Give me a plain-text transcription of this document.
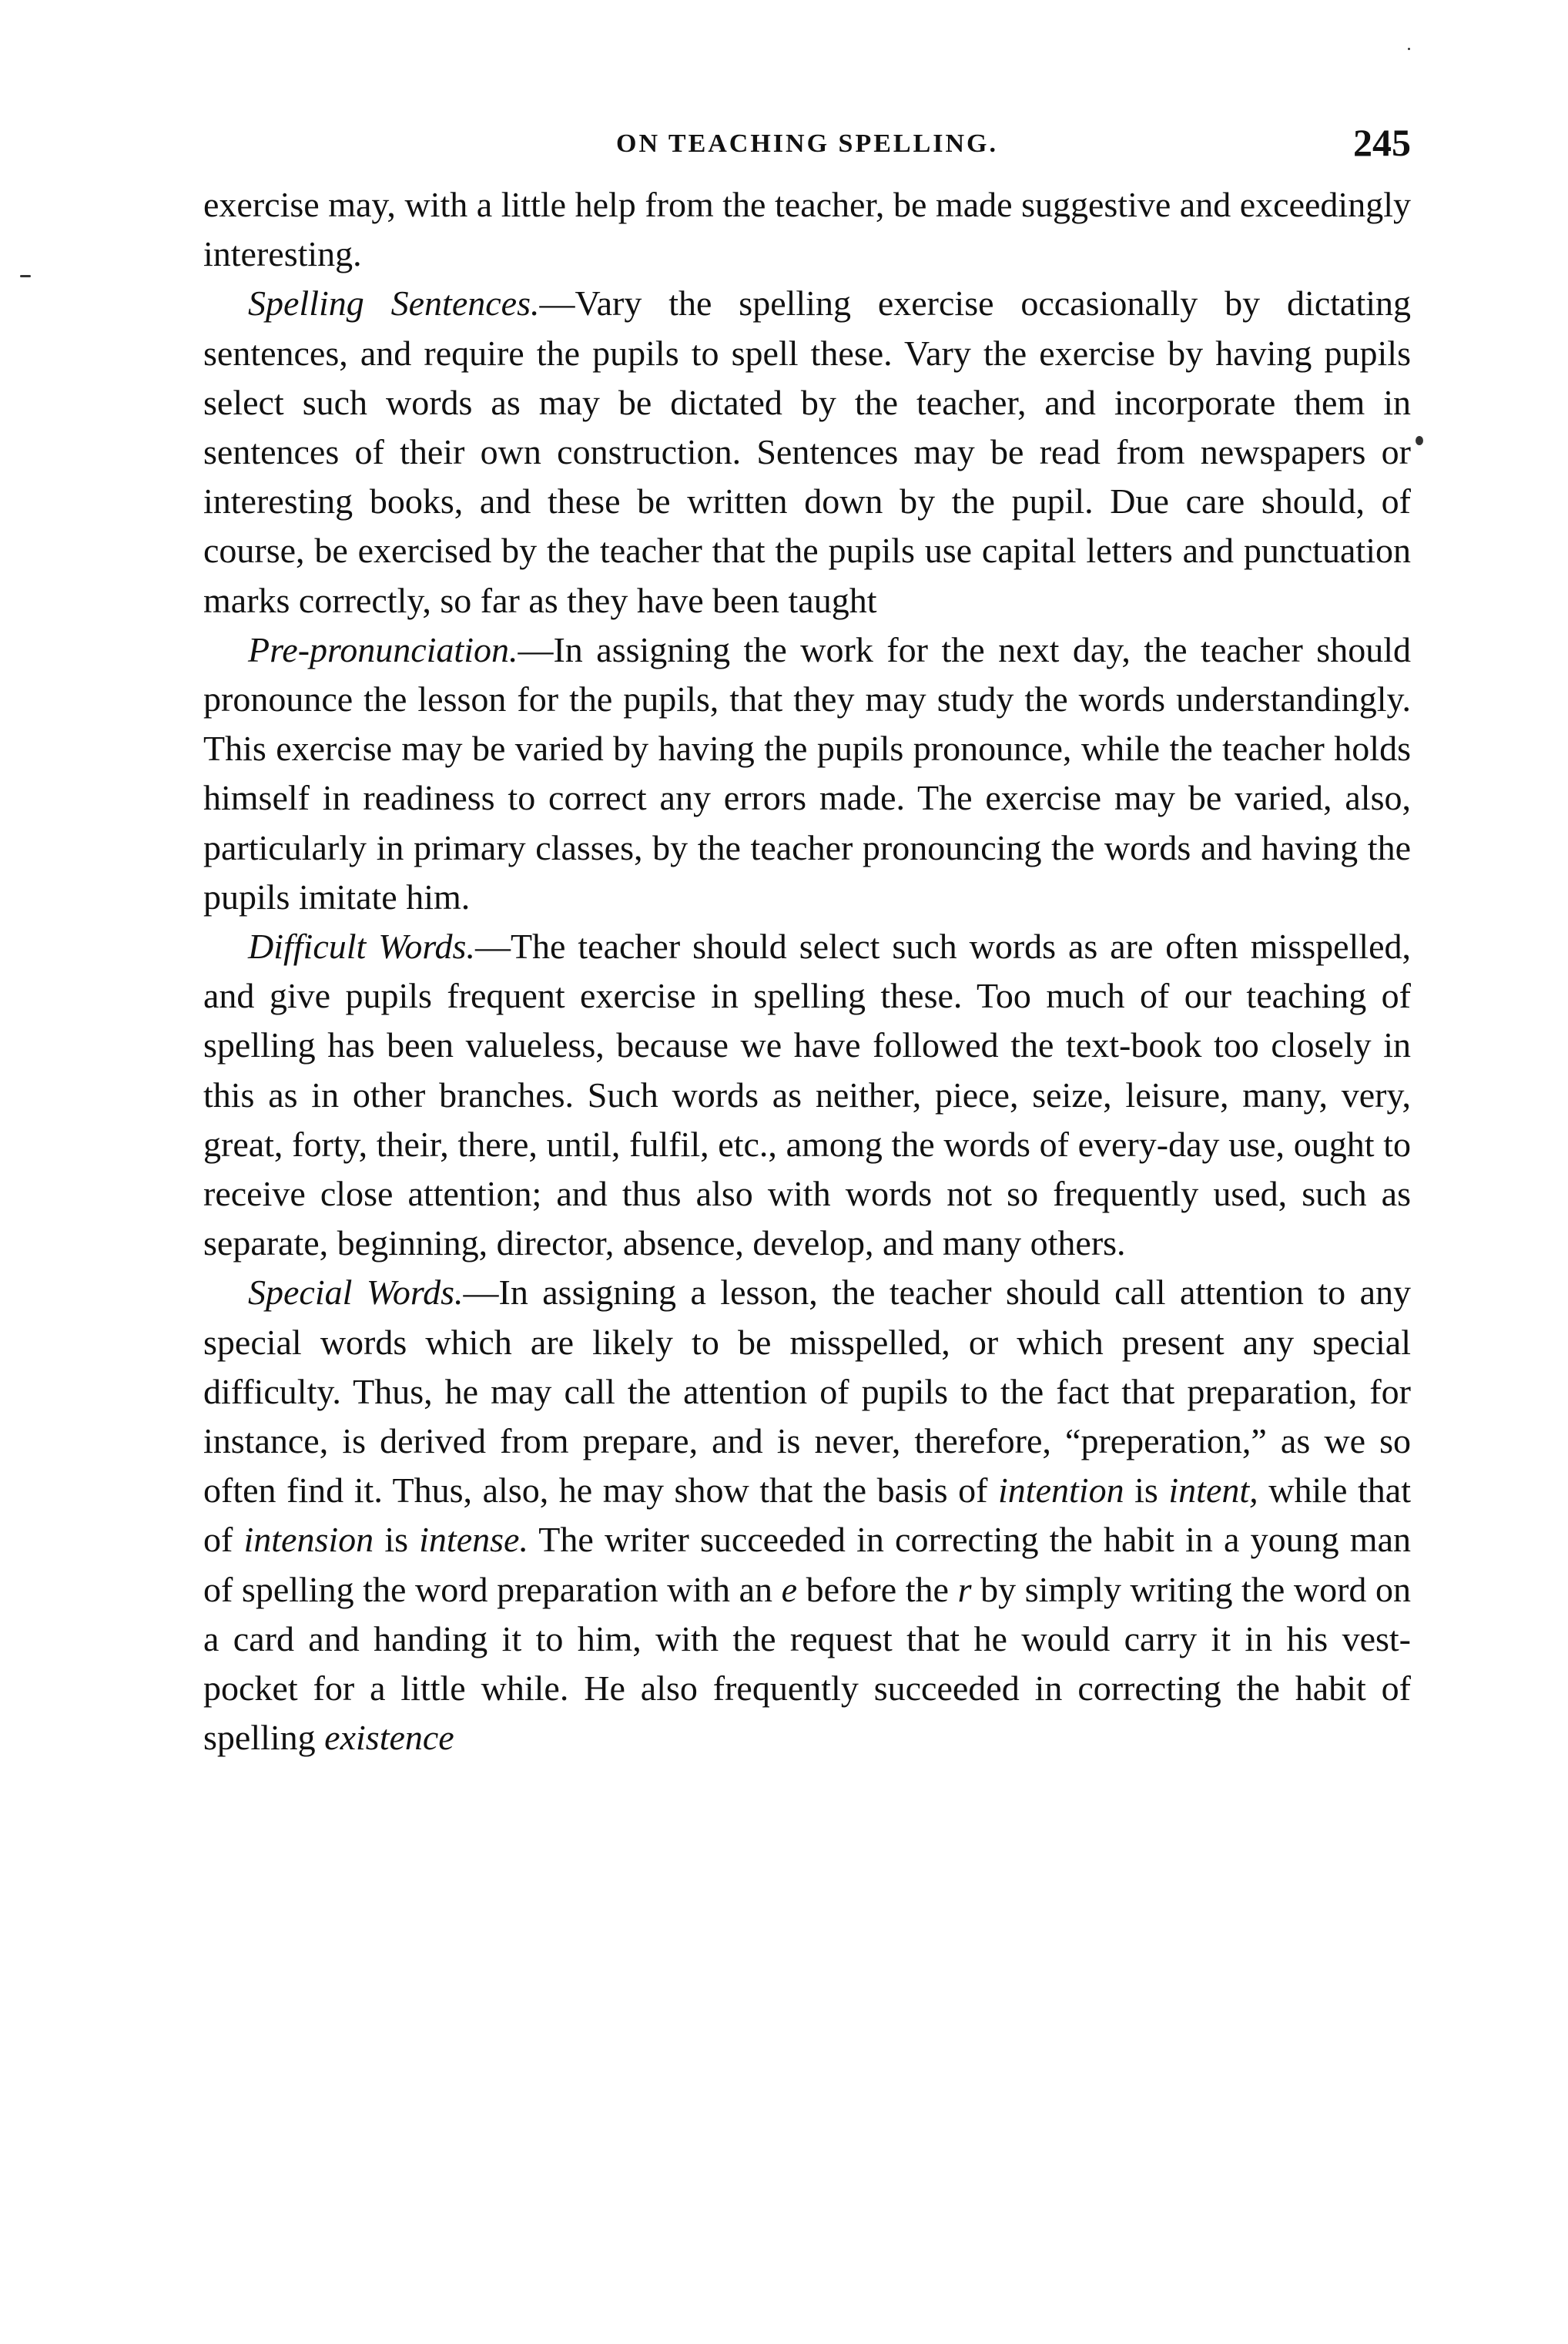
ON TEACHING SPELLING.	245

exercise may, with a little help from the teacher, be made suggestive and exceedingly interesting.

Spelling Sentences.—Vary the spelling exercise occasionally by dictating sentences, and require the pupils to spell these. Vary the exercise by having pupils select such words as may be dictated by the teacher, and incorporate them in sentences of their own construction. Sentences may be read from newspapers or interesting books, and these be written down by the pupil. Due care should, of course, be exercised by the teacher that the pupils use capital letters and punctuation marks correctly, so far as they have been taught

Pre-pronunciation.—In assigning the work for the next day, the teacher should pronounce the lesson for the pupils, that they may study the words understandingly. This exercise may be varied by having the pupils pronounce, while the teacher holds himself in readiness to correct any errors made. The exercise may be varied, also, particularly in primary classes, by the teacher pronouncing the words and having the pupils imitate him.

Difficult Words.—The teacher should select such words as are often misspelled, and give pupils frequent exercise in spelling these. Too much of our teaching of spelling has been valueless, because we have followed the text-book too closely in this as in other branches. Such words as neither, piece, seize, leisure, many, very, great, forty, their, there, until, fulfil, etc., among the words of every-day use, ought to receive close attention; and thus also with words not so frequently used, such as separate, beginning, director, absence, develop, and many others.

Special Words.—In assigning a lesson, the teacher should call attention to any special words which are likely to be misspelled, or which present any special difficulty. Thus, he may call the attention of pupils to the fact that preparation, for instance, is derived from prepare, and is never, therefore, “preperation,” as we so often find it. Thus, also, he may show that the basis of intention is intent, while that of intension is intense. The writer succeeded in correcting the habit in a young man of spelling the word preparation with an e before the r by simply writing the word on a card and handing it to him, with the request that he would carry it in his vest-pocket for a little while. He also frequently succeeded in correcting the habit of spelling existence
